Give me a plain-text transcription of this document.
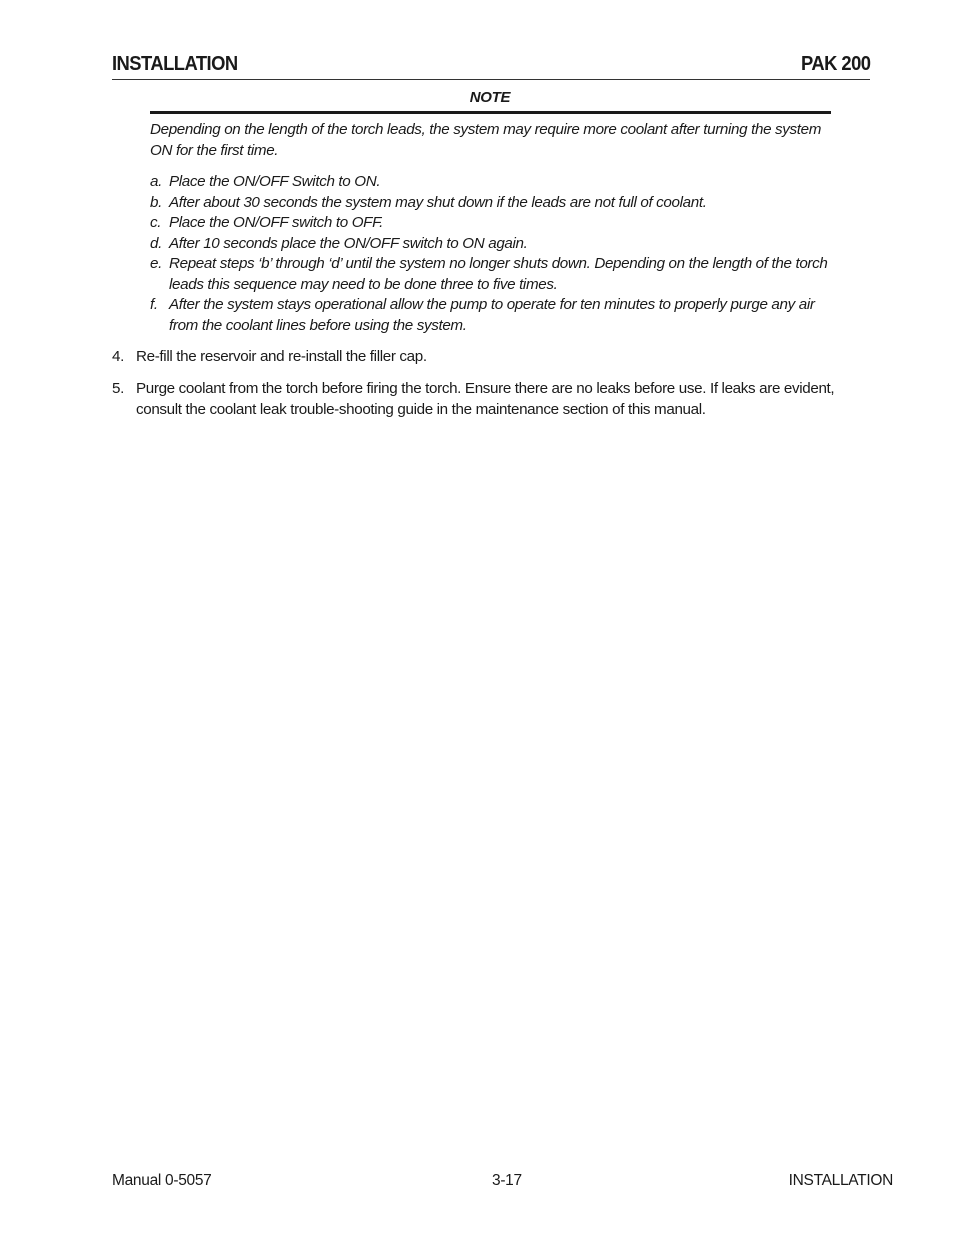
INSTALLATION	PAK 200
NOTE
Depending on the length of the torch leads, the system may require more coolant after turning the system ON for the first time.
a. Place the ON/OFF Switch to ON.
b. After about 30 seconds the system may shut down if the leads are not full of coolant.
c. Place the ON/OFF switch to OFF.
d. After 10 seconds place the ON/OFF switch to ON again.
e. Repeat steps ‘b’ through ‘d’ until the system no longer shuts down. Depending on the length of the torch leads this sequence may need to be done three to five times.
f. After the system stays operational allow the pump to operate for ten minutes to properly purge any air from the coolant lines before using the system.
4. Re-fill the reservoir and re-install the filler cap.
5. Purge coolant from the torch before firing the torch. Ensure there are no leaks before use. If leaks are evident, consult the coolant leak trouble-shooting guide in the maintenance section of this manual.
Manual 0-5057	3-17	INSTALLATION
